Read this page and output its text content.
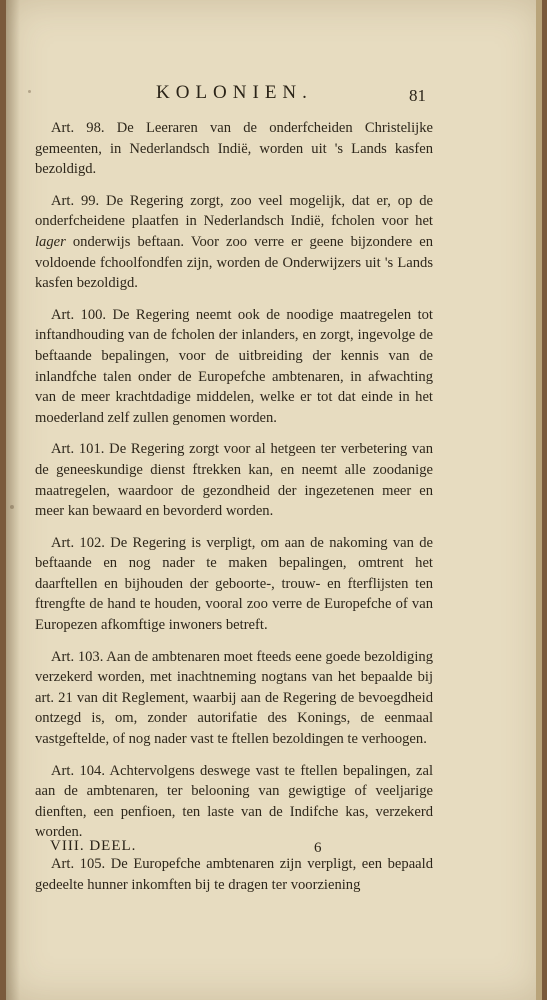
KOLONIEN.	81

Art. 98. De Leeraren van de onderfcheiden Christelijke gemeenten, in Nederlandsch Indië, worden uit 's Lands kasfen bezoldigd.

Art. 99. De Regering zorgt, zoo veel mogelijk, dat er, op de onderfcheidene plaatfen in Nederlandsch Indië, fcholen voor het lager onderwijs beftaan. Voor zoo verre er geene bijzondere en voldoende fchoolfondfen zijn, worden de Onderwijzers uit 's Lands kasfen bezoldigd.

Art. 100. De Regering neemt ook de noodige maatregelen tot inftandhouding van de fcholen der inlanders, en zorgt, ingevolge de beftaande bepalingen, voor de uitbreiding der kennis van de inlandfche talen onder de Europefche ambtenaren, in afwachting van de meer krachtdadige middelen, welke er tot dat einde in het moederland zelf zullen genomen worden.

Art. 101. De Regering zorgt voor al hetgeen ter verbetering van de geneeskundige dienst ftrekken kan, en neemt alle zoodanige maatregelen, waardoor de gezondheid der ingezetenen meer en meer kan bewaard en bevorderd worden.

Art. 102. De Regering is verpligt, om aan de nakoming van de beftaande en nog nader te maken bepalingen, omtrent het daarftellen en bijhouden der geboorte-, trouw- en fterflijsten ten ftrengfte de hand te houden, vooral zoo verre de Europefche of van Europezen afkomftige inwoners betreft.

Art. 103. Aan de ambtenaren moet fteeds eene goede bezoldiging verzekerd worden, met inachtneming nogtans van het bepaalde bij art. 21 van dit Reglement, waarbij aan de Regering de bevoegdheid ontzegd is, om, zonder autorifatie des Konings, de eenmaal vastgeftelde, of nog nader vast te ftellen bezoldingen te verhoogen.

Art. 104. Achtervolgens deswege vast te ftellen bepalingen, zal aan de ambtenaren, ter belooning van gewigtige of veeljarige dienften, een penfioen, ten laste van de Indifche kas, verzekerd worden.

Art. 105. De Europefche ambtenaren zijn verpligt, een bepaald gedeelte hunner inkomften bij te dragen ter voorziening

VIII. DEEL.	6
